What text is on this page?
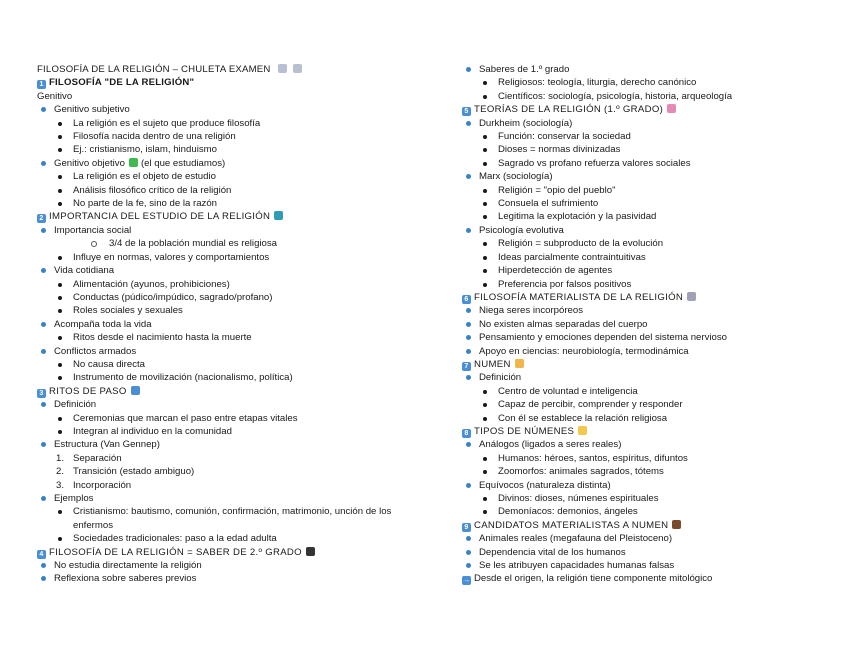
FILOSOFÍA DE LA RELIGIÓN – CHULETA EXAMEN
1 FILOSOFÍA "DE LA RELIGIÓN"
Genitivo
Genitivo subjetivo
La religión es el sujeto que produce filosofía
Filosofía nacida dentro de una religión
Ej.: cristianismo, islam, hinduismo
Genitivo objetivo (el que estudiamos)
La religión es el objeto de estudio
Análisis filosófico crítico de la religión
No parte de la fe, sino de la razón
2 IMPORTANCIA DEL ESTUDIO DE LA RELIGIÓN
Importancia social
3/4 de la población mundial es religiosa
Influye en normas, valores y comportamientos
Vida cotidiana
Alimentación (ayunos, prohibiciones)
Conductas (púdico/impúdico, sagrado/profano)
Roles sociales y sexuales
Acompaña toda la vida
Ritos desde el nacimiento hasta la muerte
Conflictos armados
No causa directa
Instrumento de movilización (nacionalismo, política)
3 RITOS DE PASO
Definición
Ceremonias que marcan el paso entre etapas vitales
Integran al individuo en la comunidad
Estructura (Van Gennep)
1. Separación
2. Transición (estado ambiguo)
3. Incorporación
Ejemplos
Cristianismo: bautismo, comunión, confirmación, matrimonio, unción de los enfermos
Sociedades tradicionales: paso a la edad adulta
4 FILOSOFÍA DE LA RELIGIÓN = SABER DE 2.º GRADO
No estudia directamente la religión
Reflexiona sobre saberes previos
Saberes de 1.º grado
Religiosos: teología, liturgia, derecho canónico
Científicos: sociología, psicología, historia, arqueología
5 TEORÍAS DE LA RELIGIÓN (1.º GRADO)
Durkheim (sociología)
Función: conservar la sociedad
Dioses = normas divinizadas
Sagrado vs profano refuerza valores sociales
Marx (sociología)
Religión = "opio del pueblo"
Consuela el sufrimiento
Legitima la explotación y la pasividad
Psicología evolutiva
Religión = subproducto de la evolución
Ideas parcialmente contraintuitivas
Hiperdetección de agentes
Preferencia por falsos positivos
6 FILOSOFÍA MATERIALISTA DE LA RELIGIÓN
Niega seres incorpóreos
No existen almas separadas del cuerpo
Pensamiento y emociones dependen del sistema nervioso
Apoyo en ciencias: neurobiología, termodinámica
7 NUMEN
Definición
Centro de voluntad e inteligencia
Capaz de percibir, comprender y responder
Con él se establece la relación religiosa
8 TIPOS DE NÚMENES
Análogos (ligados a seres reales)
Humanos: héroes, santos, espíritus, difuntos
Zoomorfos: animales sagrados, tótems
Equívocos (naturaleza distinta)
Divinos: dioses, númenes espirituales
Demoníacos: demonios, ángeles
9 CANDIDATOS MATERIALISTAS A NUMEN
Animales reales (megafauna del Pleistoceno)
Dependencia vital de los humanos
Se les atribuyen capacidades humanas falsas
→ Desde el origen, la religión tiene componente mitológico
